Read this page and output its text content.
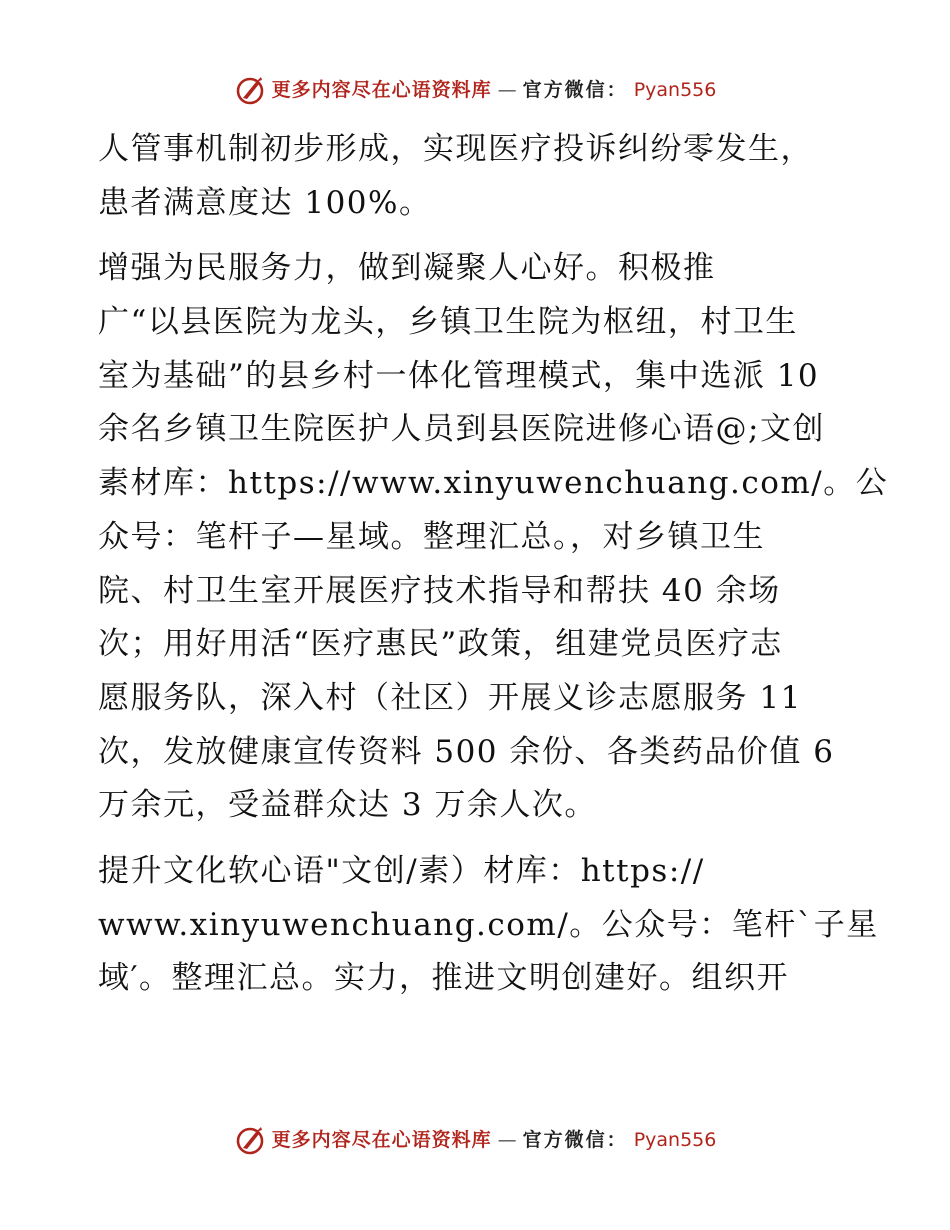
更多内容尽在心语资料库 — 官方微信： Pyan556
人管事机制初步形成，实现医疗投诉纠纷零发生，
患者满意度达 100%。
增强为民服务力，做到凝聚人心好。积极推
广“以县医院为龙头，乡镇卫生院为枢纽，村卫生
室为基础”的县乡村一体化管理模式，集中选派 10
余名乡镇卫生院医护人员到县医院进修心语@;文创
素材库：https://www.xinyuwenchuang.com/。公
众号：笔杆子—星域。整理汇总。，对乡镇卫生
院、村卫生室开展医疗技术指导和帮扶 40 余场
次；用好用活“医疗惠民”政策，组建党员医疗志
愿服务队，深入村（社区）开展义诊志愿服务 11
次，发放健康宣传资料 500 余份、各类药品价值 6
万余元，受益群众达 3 万余人次。
提升文化软心语"文创/素）材库：https://
www.xinyuwenchuang.com/。公众号：笔杆`子星
域′。整理汇总。实力，推进文明创建好。组织开
更多内容尽在心语资料库 — 官方微信： Pyan556
